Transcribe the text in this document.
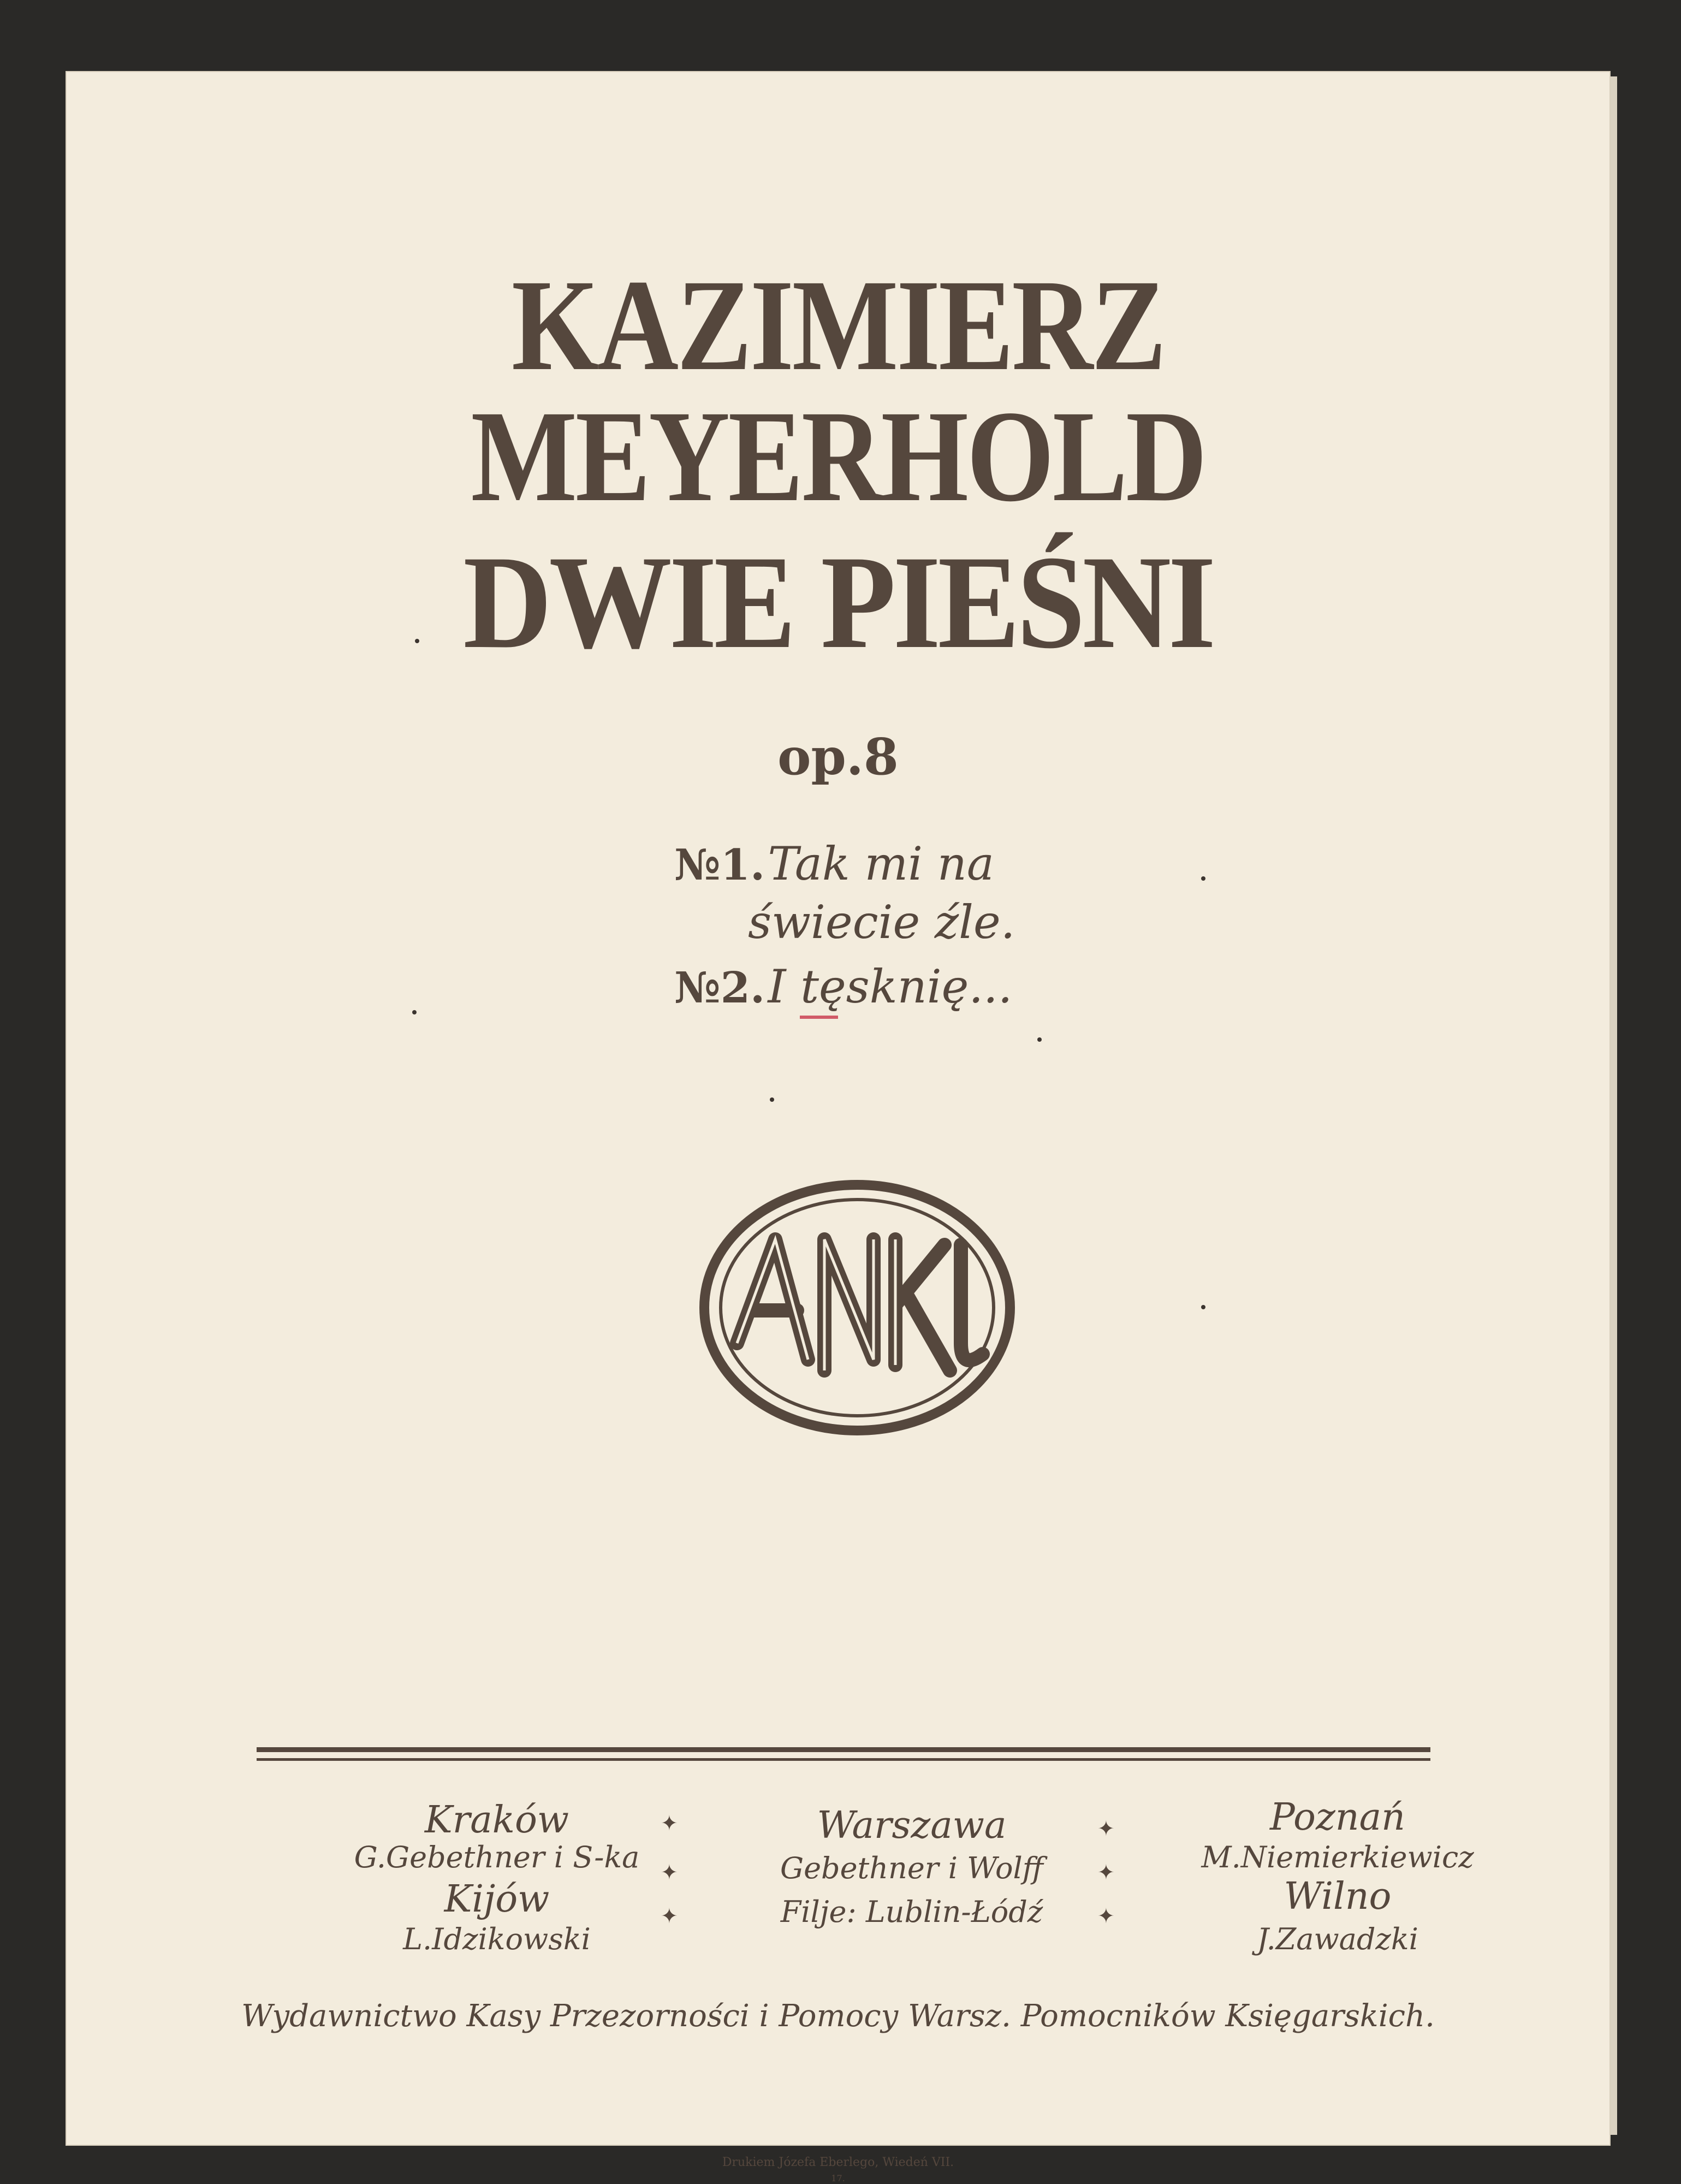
KAZIMIERZ MEYERHOLD
DWIE PIEŚNI
op.8
№1. Tak mi na
świecie źle.
№2. I tęsknię...
Kraków
G.Gebethner i S-ka
Kijów
L.Idzikowski
Warszawa
Gebethner i Wolff
Filje: Lublin-Łódź
Poznań
M.Niemierkiewicz
Wilno
J.Zawadzki
✦
✦
✦
✦
✦
✦
Wydawnictwo Kasy Przezorności i Pomocy Warsz. Pomocników Księgarskich.
Drukiem Józefa Eberlego, Wiedeń VII.
17.
